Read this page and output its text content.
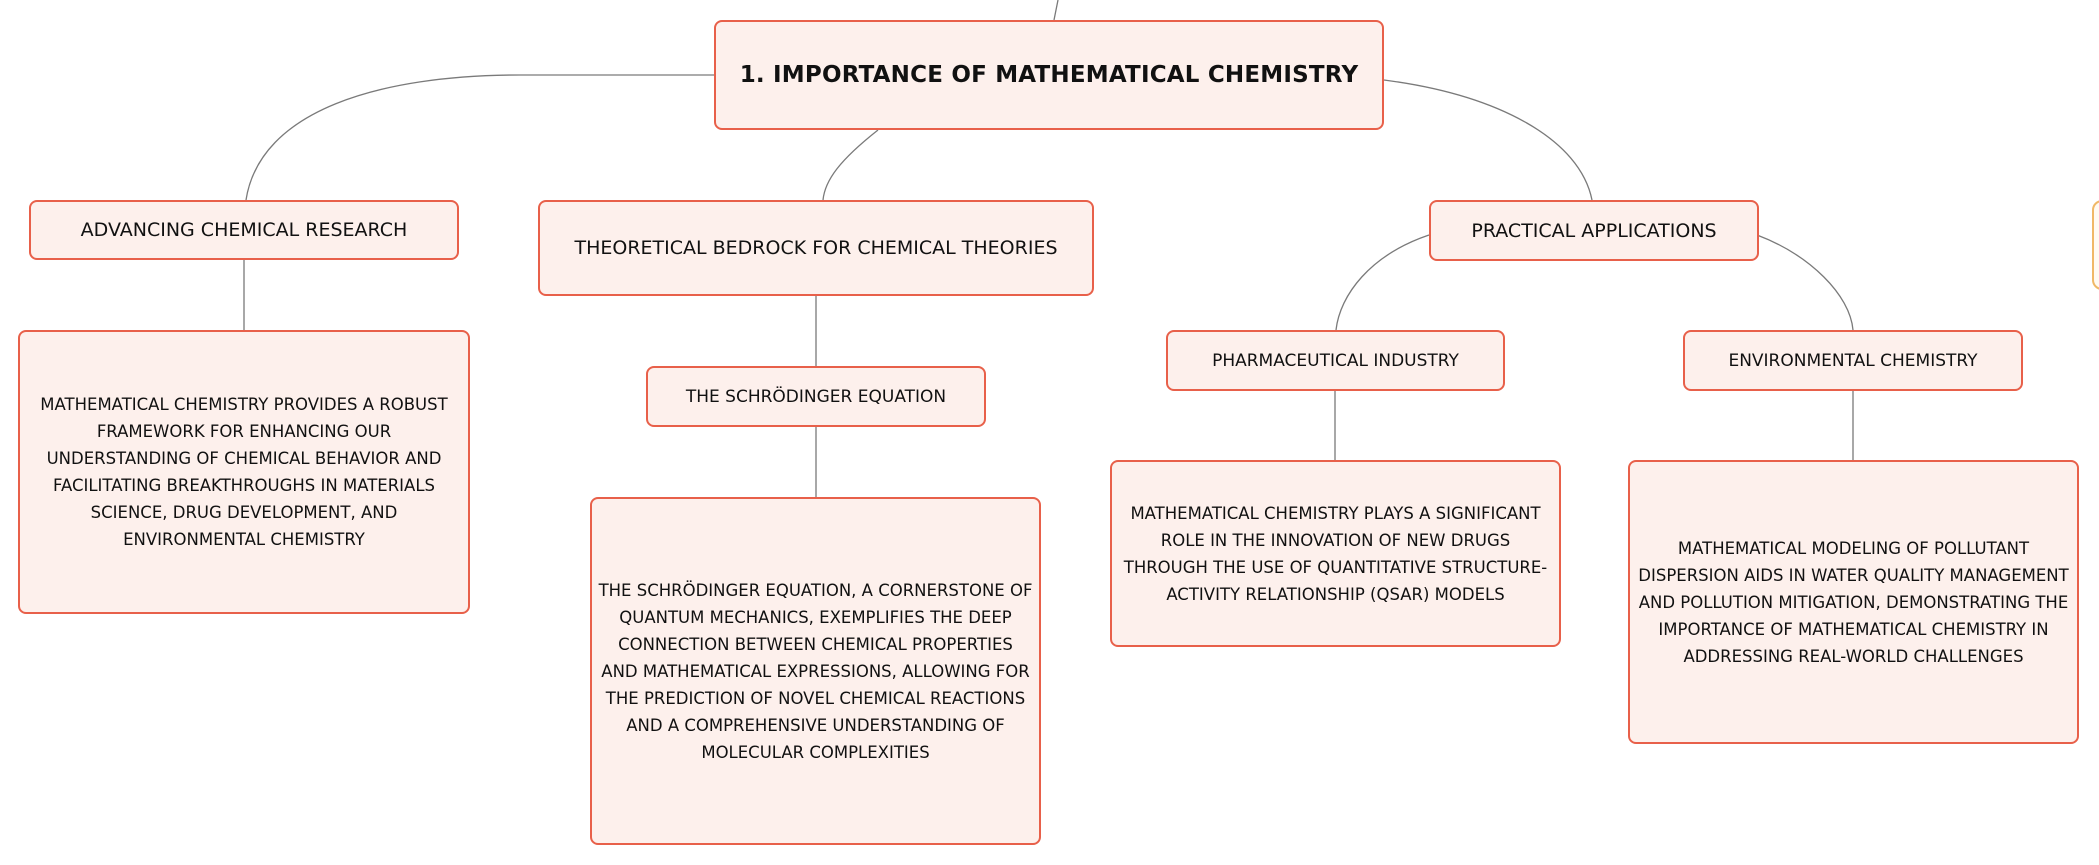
1. IMPORTANCE OF MATHEMATICAL CHEMISTRY
ADVANCING CHEMICAL RESEARCH
MATHEMATICAL CHEMISTRY PROVIDES A ROBUST FRAMEWORK FOR ENHANCING OUR UNDERSTANDING OF CHEMICAL BEHAVIOR AND FACILITATING BREAKTHROUGHS IN MATERIALS SCIENCE, DRUG DEVELOPMENT, AND ENVIRONMENTAL CHEMISTRY
THEORETICAL BEDROCK FOR CHEMICAL THEORIES
THE SCHRÖDINGER EQUATION
THE SCHRÖDINGER EQUATION, A CORNERSTONE OF QUANTUM MECHANICS, EXEMPLIFIES THE DEEP CONNECTION BETWEEN CHEMICAL PROPERTIES AND MATHEMATICAL EXPRESSIONS, ALLOWING FOR THE PREDICTION OF NOVEL CHEMICAL REACTIONS AND A COMPREHENSIVE UNDERSTANDING OF MOLECULAR COMPLEXITIES
PRACTICAL APPLICATIONS
PHARMACEUTICAL INDUSTRY
MATHEMATICAL CHEMISTRY PLAYS A SIGNIFICANT ROLE IN THE INNOVATION OF NEW DRUGS THROUGH THE USE OF QUANTITATIVE STRUCTURE-ACTIVITY RELATIONSHIP (QSAR) MODELS
ENVIRONMENTAL CHEMISTRY
MATHEMATICAL MODELING OF POLLUTANT DISPERSION AIDS IN WATER QUALITY MANAGEMENT AND POLLUTION MITIGATION, DEMONSTRATING THE IMPORTANCE OF MATHEMATICAL CHEMISTRY IN ADDRESSING REAL-WORLD CHALLENGES
